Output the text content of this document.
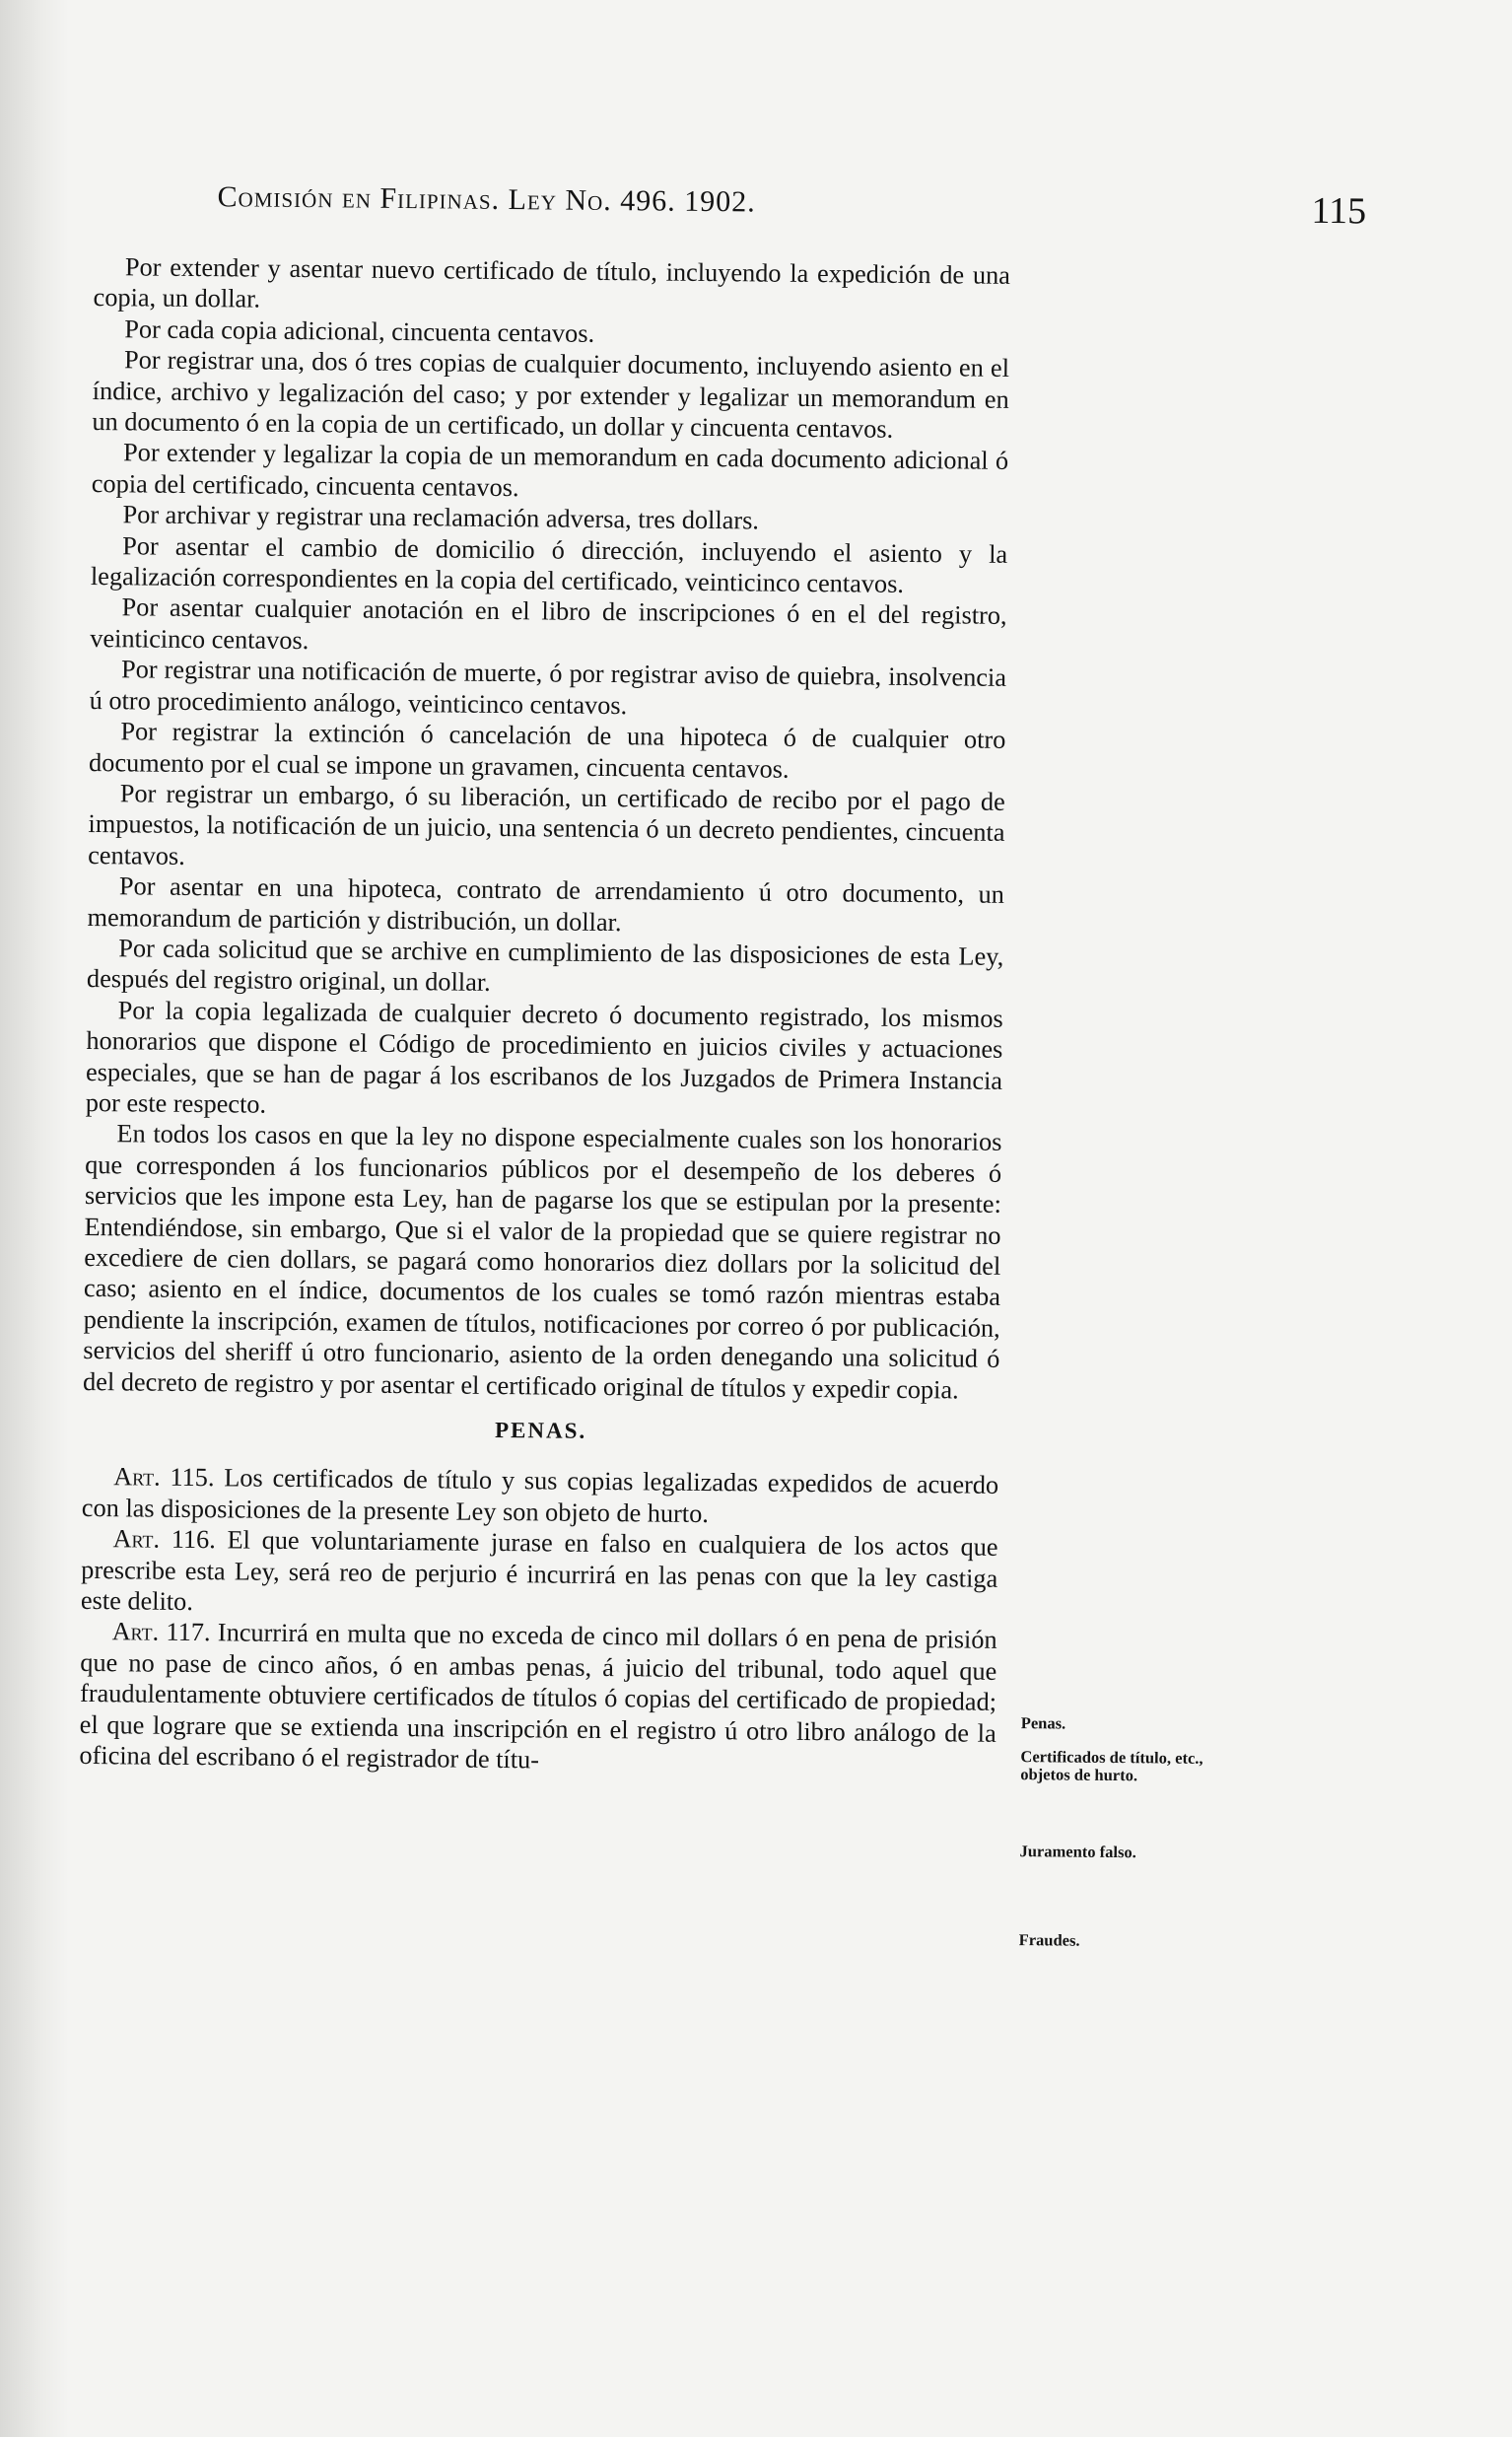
Comisión en Filipinas. Ley No. 496. 1902.	115

Por extender y asentar nuevo certificado de título, incluyendo la expedición de una copia, un dollar.

Por cada copia adicional, cincuenta centavos.

Por registrar una, dos ó tres copias de cualquier documento, incluyendo asiento en el índice, archivo y legalización del caso; y por extender y legalizar un memorandum en un documento ó en la copia de un certificado, un dollar y cincuenta centavos.

Por extender y legalizar la copia de un memorandum en cada documento adicional ó copia del certificado, cincuenta centavos.

Por archivar y registrar una reclamación adversa, tres dollars.

Por asentar el cambio de domicilio ó dirección, incluyendo el asiento y la legalización correspondientes en la copia del certificado, veinticinco centavos.

Por asentar cualquier anotación en el libro de inscripciones ó en el del registro, veinticinco centavos.

Por registrar una notificación de muerte, ó por registrar aviso de quiebra, insolvencia ú otro procedimiento análogo, veinticinco centavos.

Por registrar la extinción ó cancelación de una hipoteca ó de cualquier otro documento por el cual se impone un gravamen, cincuenta centavos.

Por registrar un embargo, ó su liberación, un certificado de recibo por el pago de impuestos, la notificación de un juicio, una sentencia ó un decreto pendientes, cincuenta centavos.

Por asentar en una hipoteca, contrato de arrendamiento ú otro documento, un memorandum de partición y distribución, un dollar.

Por cada solicitud que se archive en cumplimiento de las disposiciones de esta Ley, después del registro original, un dollar.

Por la copia legalizada de cualquier decreto ó documento registrado, los mismos honorarios que dispone el Código de procedimiento en juicios civiles y actuaciones especiales, que se han de pagar á los escribanos de los Juzgados de Primera Instancia por este respecto.

En todos los casos en que la ley no dispone especialmente cuales son los honorarios que corresponden á los funcionarios públicos por el desempeño de los deberes ó servicios que les impone esta Ley, han de pagarse los que se estipulan por la presente: Entendiéndose, sin embargo, Que si el valor de la propiedad que se quiere registrar no excediere de cien dollars, se pagará como honorarios diez dollars por la solicitud del caso; asiento en el índice, documentos de los cuales se tomó razón mientras estaba pendiente la inscripción, examen de títulos, notificaciones por correo ó por publicación, servicios del sheriff ú otro funcionario, asiento de la orden denegando una solicitud ó del decreto de registro y por asentar el certificado original de títulos y expedir copia.

PENAS.

Art. 115. Los certificados de título y sus copias legalizadas expedidos de acuerdo con las disposiciones de la presente Ley son objeto de hurto.

Art. 116. El que voluntariamente jurase en falso en cualquiera de los actos que prescribe esta Ley, será reo de perjurio é incurrirá en las penas con que la ley castiga este delito.

Art. 117. Incurrirá en multa que no exceda de cinco mil dollars ó en pena de prisión que no pase de cinco años, ó en ambas penas, á juicio del tribunal, todo aquel que fraudulentamente obtuviere certificados de títulos ó copias del certificado de propiedad; el que lograre que se extienda una inscripción en el registro ú otro libro análogo de la oficina del escribano ó el registrador de títu-

Penas.
Certificados de título, etc., objetos de hurto.
Juramento falso.
Fraudes.
